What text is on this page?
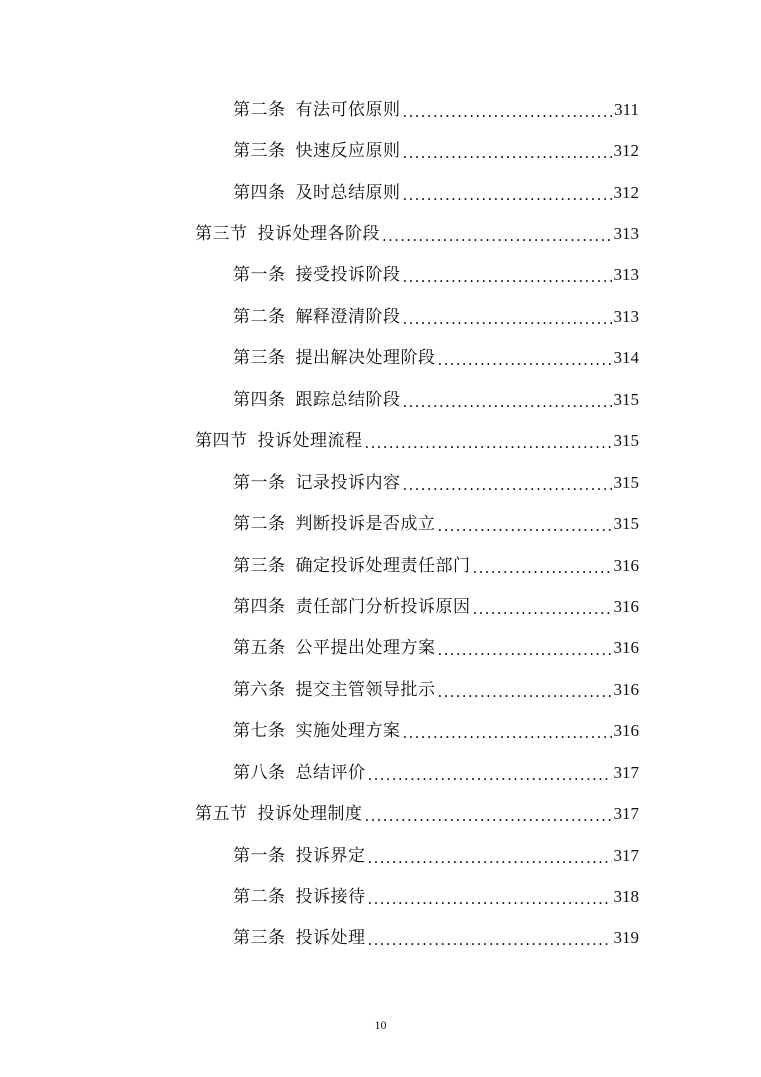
第二条 有法可依原则 .....	311
第三条 快速反应原则 .....	312
第四条 及时总结原则 .....	312
第三节 投诉处理各阶段 .....	313
第一条 接受投诉阶段 .....	313
第二条 解释澄清阶段 .....	313
第三条 提出解决处理阶段 .....	314
第四条 跟踪总结阶段 .....	315
第四节 投诉处理流程 .....	315
第一条 记录投诉内容 .....	315
第二条 判断投诉是否成立 .....	315
第三条 确定投诉处理责任部门 .....	316
第四条 责任部门分析投诉原因 .....	316
第五条 公平提出处理方案 .....	316
第六条 提交主管领导批示 .....	316
第七条 实施处理方案 .....	316
第八条 总结评价 .....	317
第五节 投诉处理制度 .....	317
第一条 投诉界定 .....	317
第二条 投诉接待 .....	318
第三条 投诉处理 .....	319
10
